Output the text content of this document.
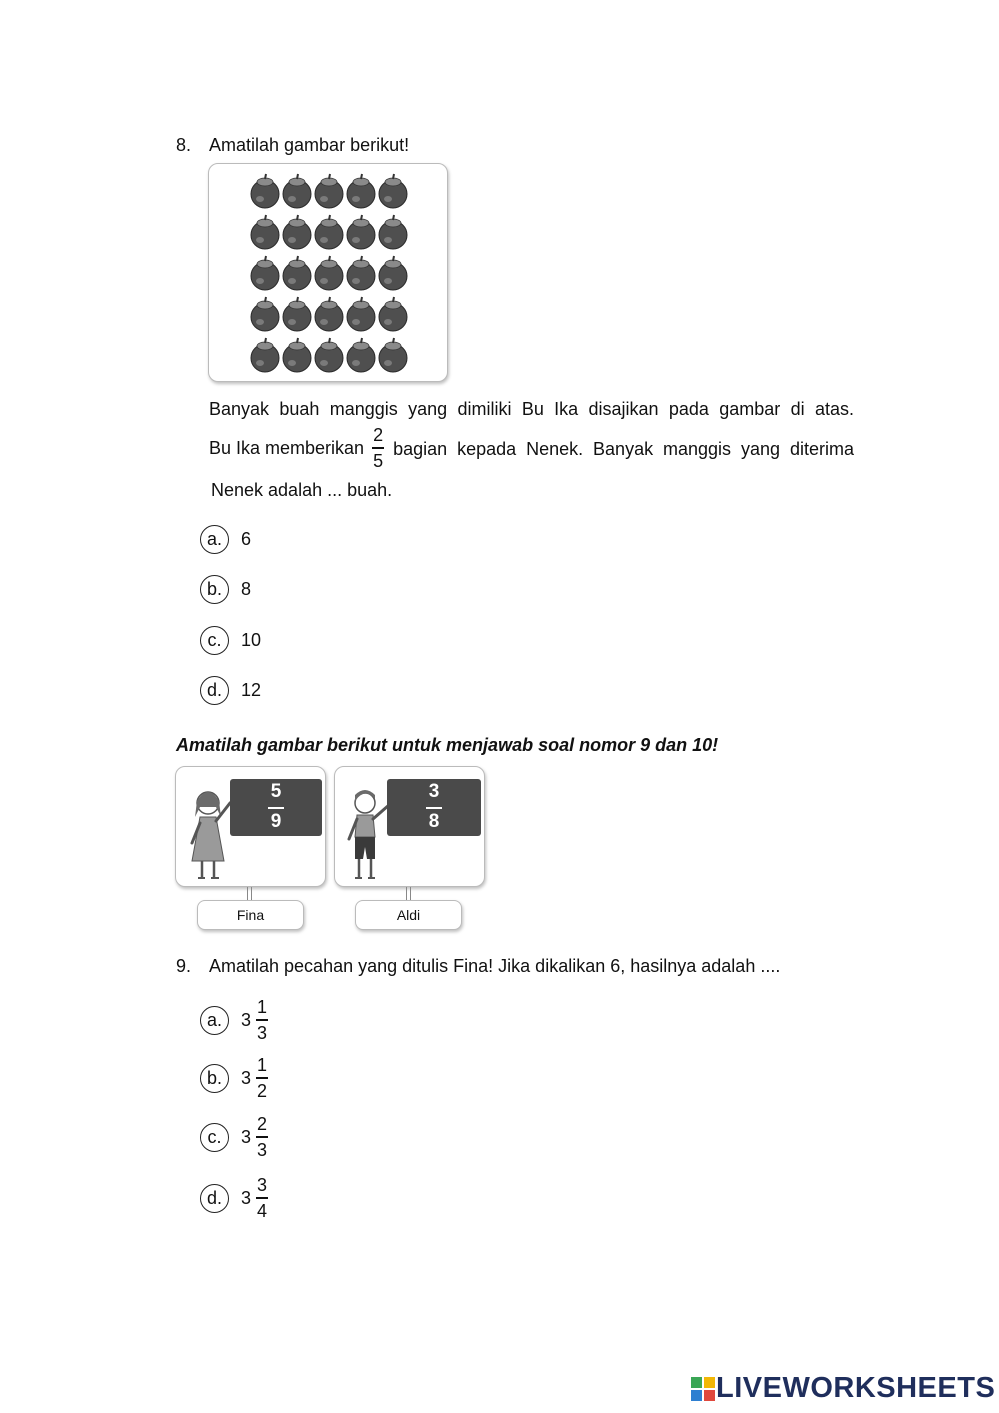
8. Amatilah gambar berikut!
Banyak buah manggis yang dimiliki Bu Ika disajikan pada gambar di atas.
Bu Ika memberikan $\frac{2}{5}$ bagian kepada Nenek. Banyak manggis yang diterima
Nenek adalah ... buah.
a.	6
b.	8
c.	10
d.	12
Amatilah gambar berikut untuk menjawab soal nomor 9 dan 10!
5
9
Fina
3
8
Aldi
9. Amatilah pecahan yang ditulis Fina! Jika dikalikan 6, hasilnya adalah ....
a.	$3 \frac{1}{3}$
b.	$3 \frac{1}{2}$
c.	$3 \frac{2}{3}$
d.	$3 \frac{3}{4}$
LIVEWORKSHEETS
